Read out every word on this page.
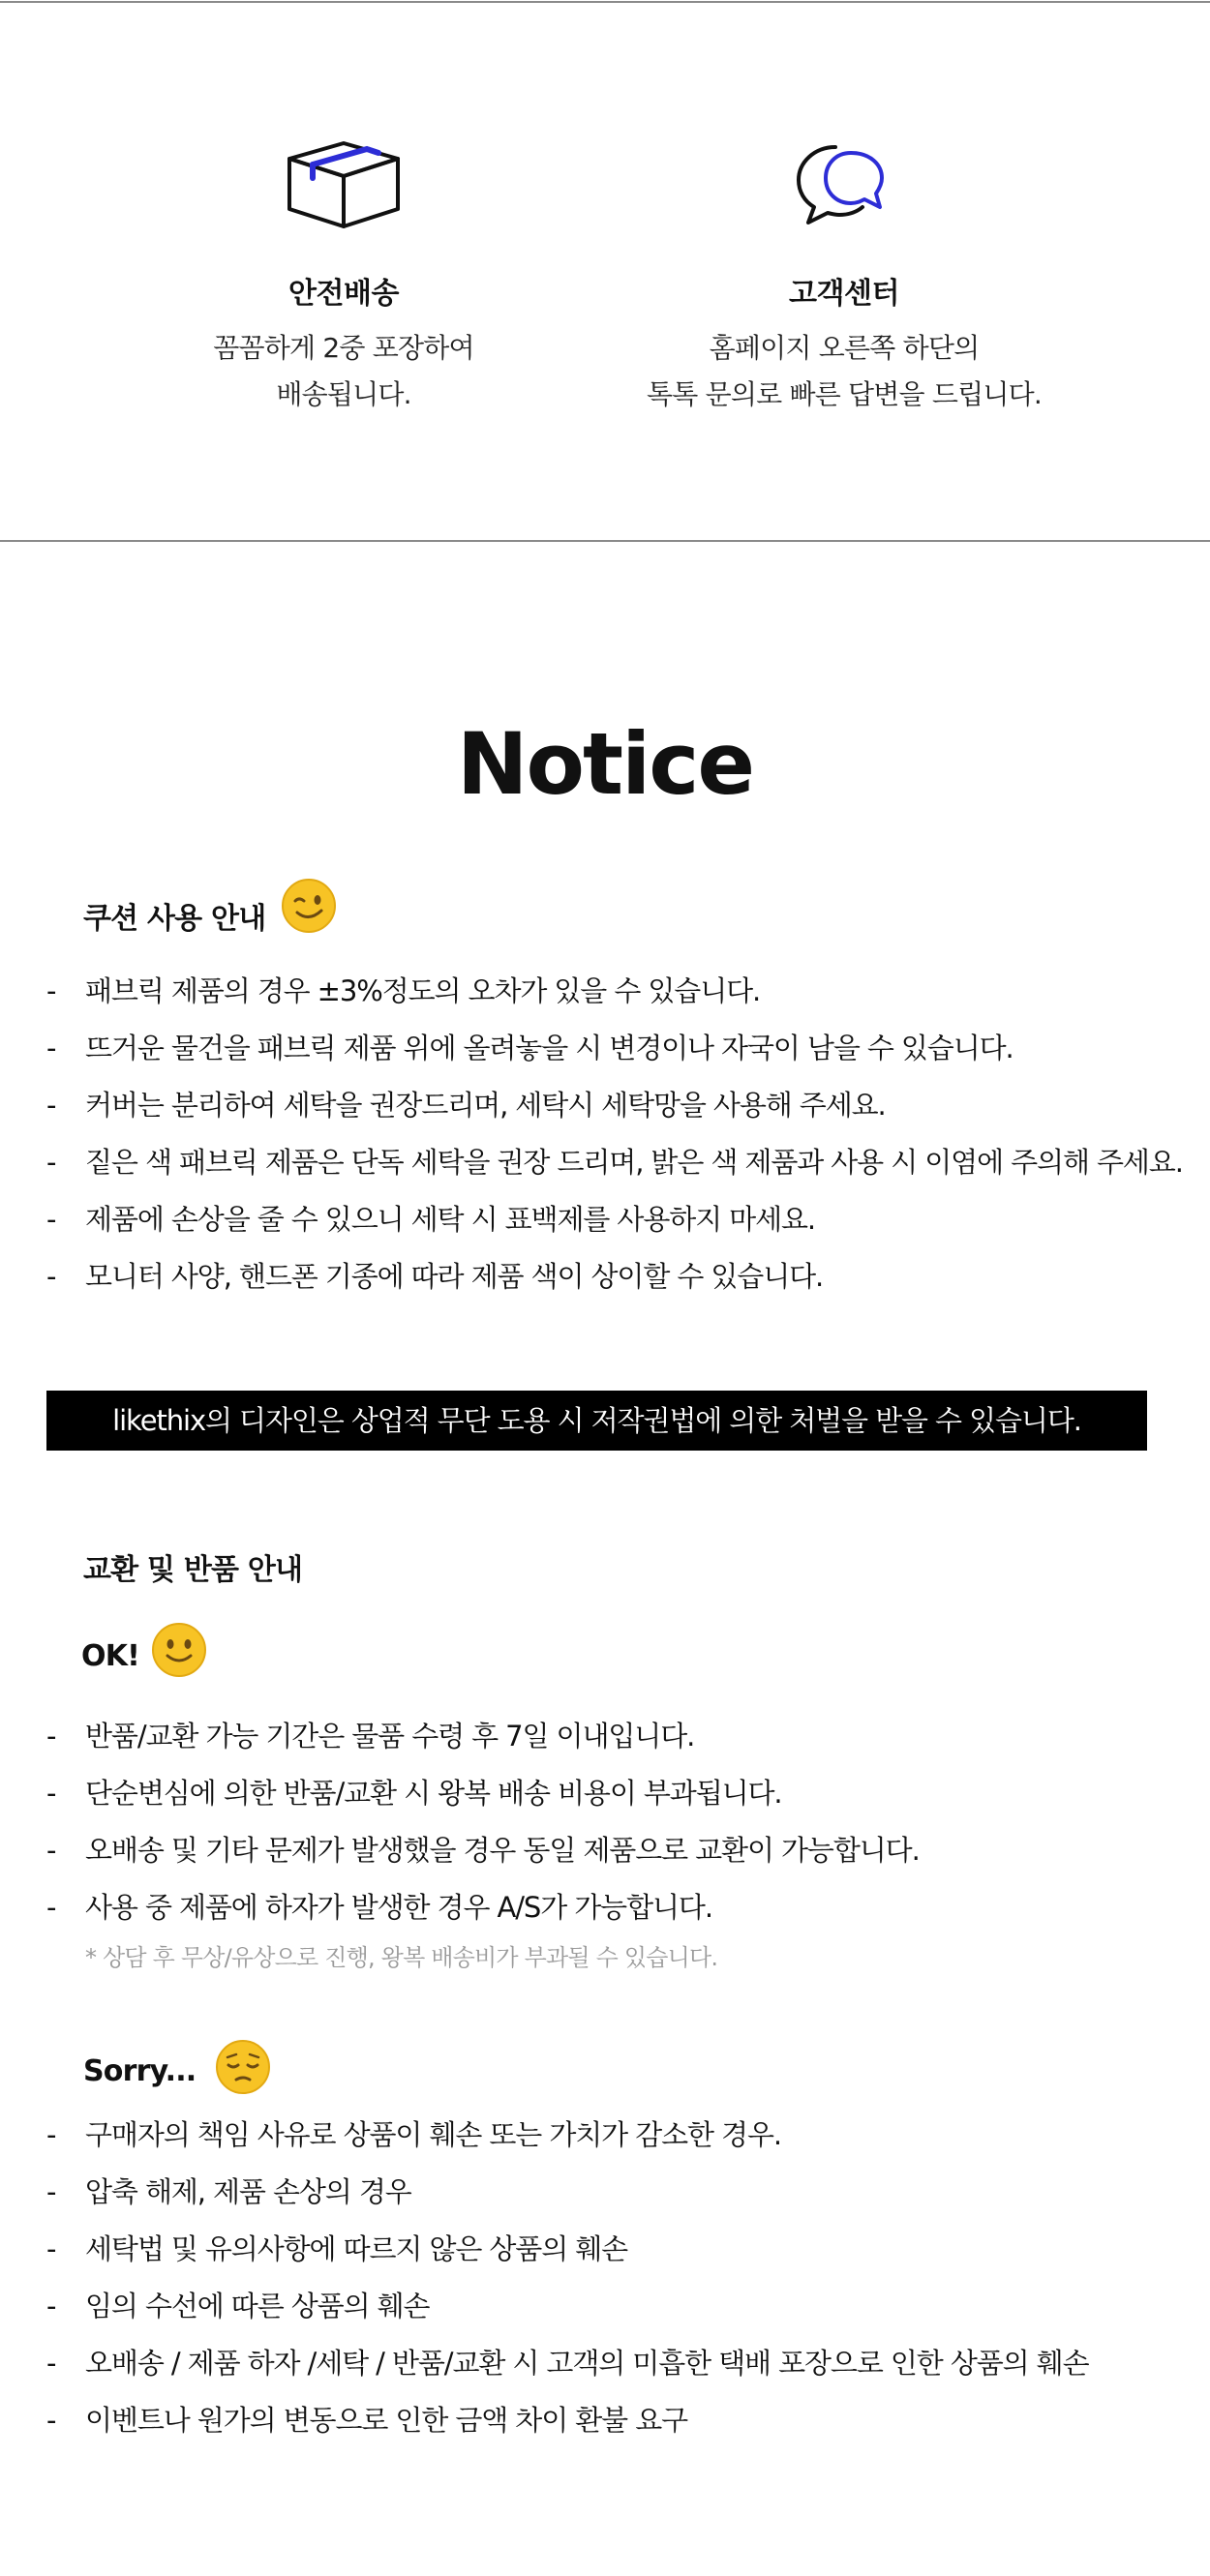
안전배송
꼼꼼하게 2중 포장하여
배송됩니다.
고객센터
홈페이지 오른쪽 하단의
톡톡 문의로 빠른 답변을 드립니다.
Notice
쿠션 사용 안내
- 패브릭 제품의 경우 ±3%정도의 오차가 있을 수 있습니다.
- 뜨거운 물건을 패브릭 제품 위에 올려놓을 시 변경이나 자국이 남을 수 있습니다.
- 커버는 분리하여 세탁을 권장드리며, 세탁시 세탁망을 사용해 주세요.
- 짙은 색 패브릭 제품은 단독 세탁을 권장 드리며, 밝은 색 제품과 사용 시 이염에 주의해 주세요.
- 제품에 손상을 줄 수 있으니 세탁 시 표백제를 사용하지 마세요.
- 모니터 사양, 핸드폰 기종에 따라 제품 색이 상이할 수 있습니다.
likethix의 디자인은 상업적 무단 도용 시 저작권법에 의한 처벌을 받을 수 있습니다.
교환 및 반품 안내
OK!
- 반품/교환 가능 기간은 물품 수령 후 7일 이내입니다.
- 단순변심에 의한 반품/교환 시 왕복 배송 비용이 부과됩니다.
- 오배송 및 기타 문제가 발생했을 경우 동일 제품으로 교환이 가능합니다.
- 사용 중 제품에 하자가 발생한 경우 A/S가 가능합니다.
* 상담 후 무상/유상으로 진행, 왕복 배송비가 부과될 수 있습니다.
Sorry...
- 구매자의 책임 사유로 상품이 훼손 또는 가치가 감소한 경우.
- 압축 해제, 제품 손상의 경우
- 세탁법 및 유의사항에 따르지 않은 상품의 훼손
- 임의 수선에 따른 상품의 훼손
- 오배송 / 제품 하자 /세탁 / 반품/교환 시 고객의 미흡한 택배 포장으로 인한 상품의 훼손
- 이벤트나 원가의 변동으로 인한 금액 차이 환불 요구
